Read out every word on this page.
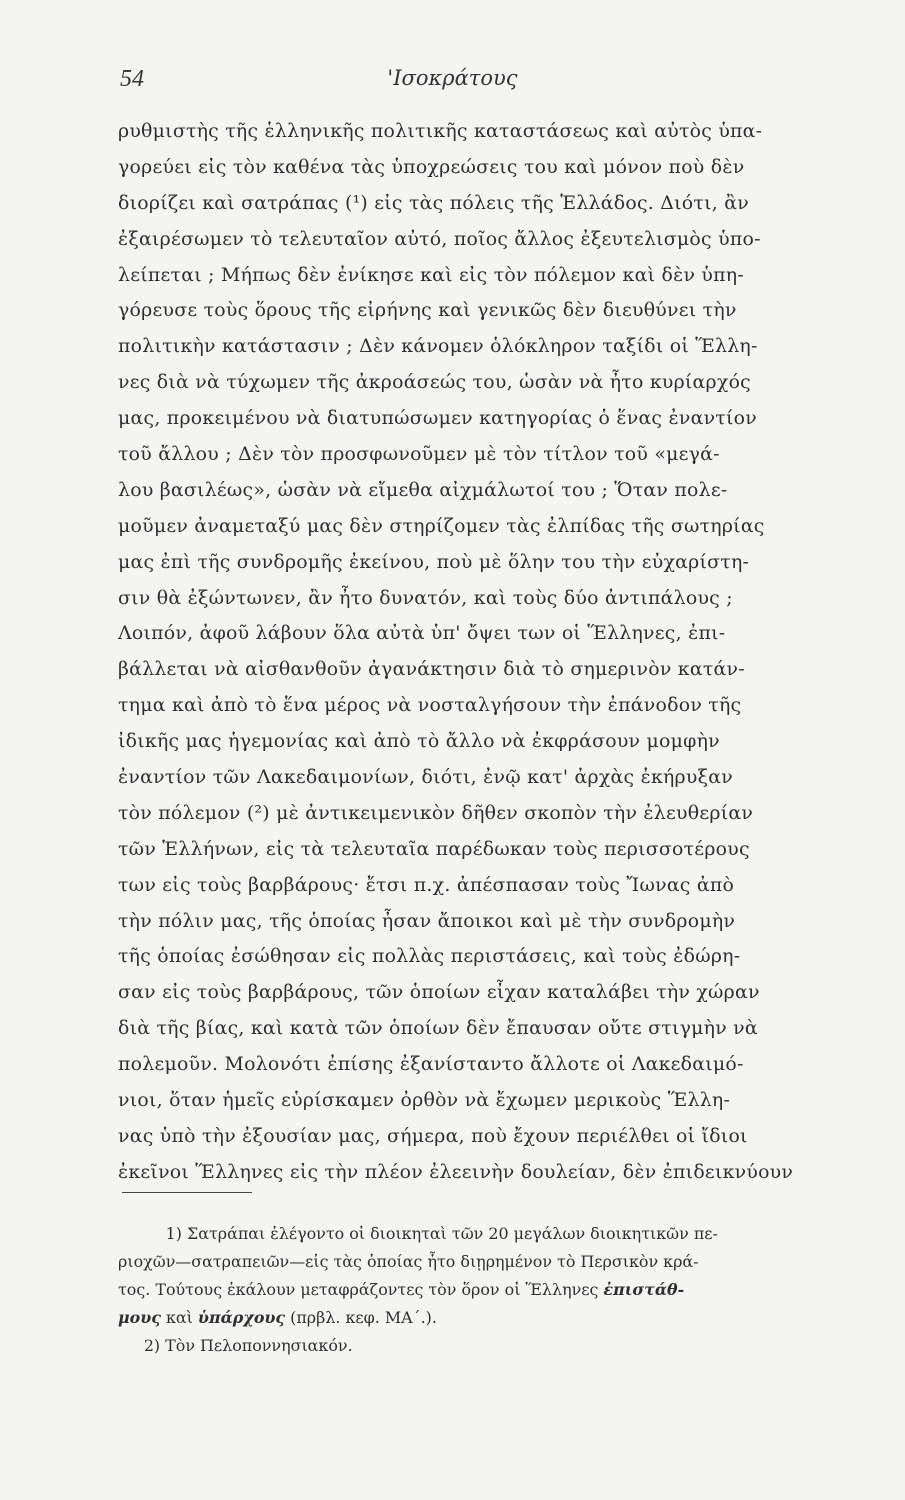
54	'Ισοκράτους
ρυθμιστὴς τῆς ἑλληνικῆς πολιτικῆς καταστάσεως καὶ αὐτὸς ὑπα-
γορεύει εἰς τὸν καθένα τὰς ὑποχρεώσεις του καὶ μόνον ποὺ δὲν
διορίζει καὶ σατράπας (¹) εἰς τὰς πόλεις τῆς Ἑλλάδος. Διότι, ἂν
ἐξαιρέσωμεν τὸ τελευταῖον αὐτό, ποῖος ἄλλος ἐξευτελισμὸς ὑπο-
λείπεται ; Μήπως δὲν ἐνίκησε καὶ εἰς τὸν πόλεμον καὶ δὲν ὑπη-
γόρευσε τοὺς ὅρους τῆς εἰρήνης καὶ γενικῶς δὲν διευθύνει τὴν
πολιτικὴν κατάστασιν ; Δὲν κάνομεν ὁλόκληρον ταξίδι οἱ Ἕλλη-
νες διὰ νὰ τύχωμεν τῆς ἀκροάσεώς του, ὡσὰν νὰ ἦτο κυρίαρχός
μας, προκειμένου νὰ διατυπώσωμεν κατηγορίας ὁ ἕνας ἐναντίον
τοῦ ἄλλου ; Δὲν τὸν προσφωνοῦμεν μὲ τὸν τίτλον τοῦ «μεγά-
λου βασιλέως», ὡσὰν νὰ εἴμεθα αἰχμάλωτοί του ; Ὅταν πολε-
μοῦμεν ἀναμεταξύ μας δὲν στηρίζομεν τὰς ἐλπίδας τῆς σωτηρίας
μας ἐπὶ τῆς συνδρομῆς ἐκείνου, ποὺ μὲ ὅλην του τὴν εὐχαρίστη-
σιν θὰ ἐξώντωνεν, ἂν ἦτο δυνατόν, καὶ τοὺς δύο ἀντιπάλους ;
Λοιπόν, ἀφοῦ λάβουν ὅλα αὐτὰ ὑπ' ὄψει των οἱ Ἕλληνες, ἐπι-
βάλλεται νὰ αἰσθανθοῦν ἀγανάκτησιν διὰ τὸ σημερινὸν κατάν-
τημα καὶ ἀπὸ τὸ ἕνα μέρος νὰ νοσταλγήσουν τὴν ἐπάνοδον τῆς
ἰδικῆς μας ἡγεμονίας καὶ ἀπὸ τὸ ἄλλο νὰ ἐκφράσουν μομφὴν
ἐναντίον τῶν Λακεδαιμονίων, διότι, ἐνῷ κατ' ἀρχὰς ἐκήρυξαν
τὸν πόλεμον (²) μὲ ἀντικειμενικὸν δῆθεν σκοπὸν τὴν ἐλευθερίαν
τῶν Ἑλλήνων, εἰς τὰ τελευταῖα παρέδωκαν τοὺς περισσοτέρους
των εἰς τοὺς βαρβάρους· ἔτσι π.χ. ἀπέσπασαν τοὺς Ἴωνας ἀπὸ
τὴν πόλιν μας, τῆς ὁποίας ἦσαν ἄποικοι καὶ μὲ τὴν συνδρομὴν
τῆς ὁποίας ἐσώθησαν εἰς πολλὰς περιστάσεις, καὶ τοὺς ἐδώρη-
σαν εἰς τοὺς βαρβάρους, τῶν ὁποίων εἶχαν καταλάβει τὴν χώραν
διὰ τῆς βίας, καὶ κατὰ τῶν ὁποίων δὲν ἔπαυσαν οὔτε στιγμὴν νὰ
πολεμοῦν. Μολονότι ἐπίσης ἐξανίσταντο ἄλλοτε οἱ Λακεδαιμό-
νιοι, ὅταν ἡμεῖς εὑρίσκαμεν ὀρθὸν νὰ ἔχωμεν μερικοὺς Ἕλλη-
νας ὑπὸ τὴν ἐξουσίαν μας, σήμερα, ποὺ ἔχουν περιέλθει οἱ ἴδιοι
ἐκεῖνοι Ἕλληνες εἰς τὴν πλέον ἐλεεινὴν δουλείαν, δὲν ἐπιδεικνύουν
1) Σατράπαι ἐλέγοντο οἱ διοικηταὶ τῶν 20 μεγάλων διοικητικῶν πε-
ριοχῶν—σατραπειῶν—εἰς τὰς ὁποίας ἦτο διῃρημένον τὸ Περσικὸν κρά-
τος. Τούτους ἐκάλουν μεταφράζοντες τὸν ὅρον οἱ Ἕλληνες ἐπιστάθ-
μους καὶ ὑπάρχους (πρβλ. κεφ. ΜΑ΄.).
2) Τὸν Πελοποννησιακόν.
